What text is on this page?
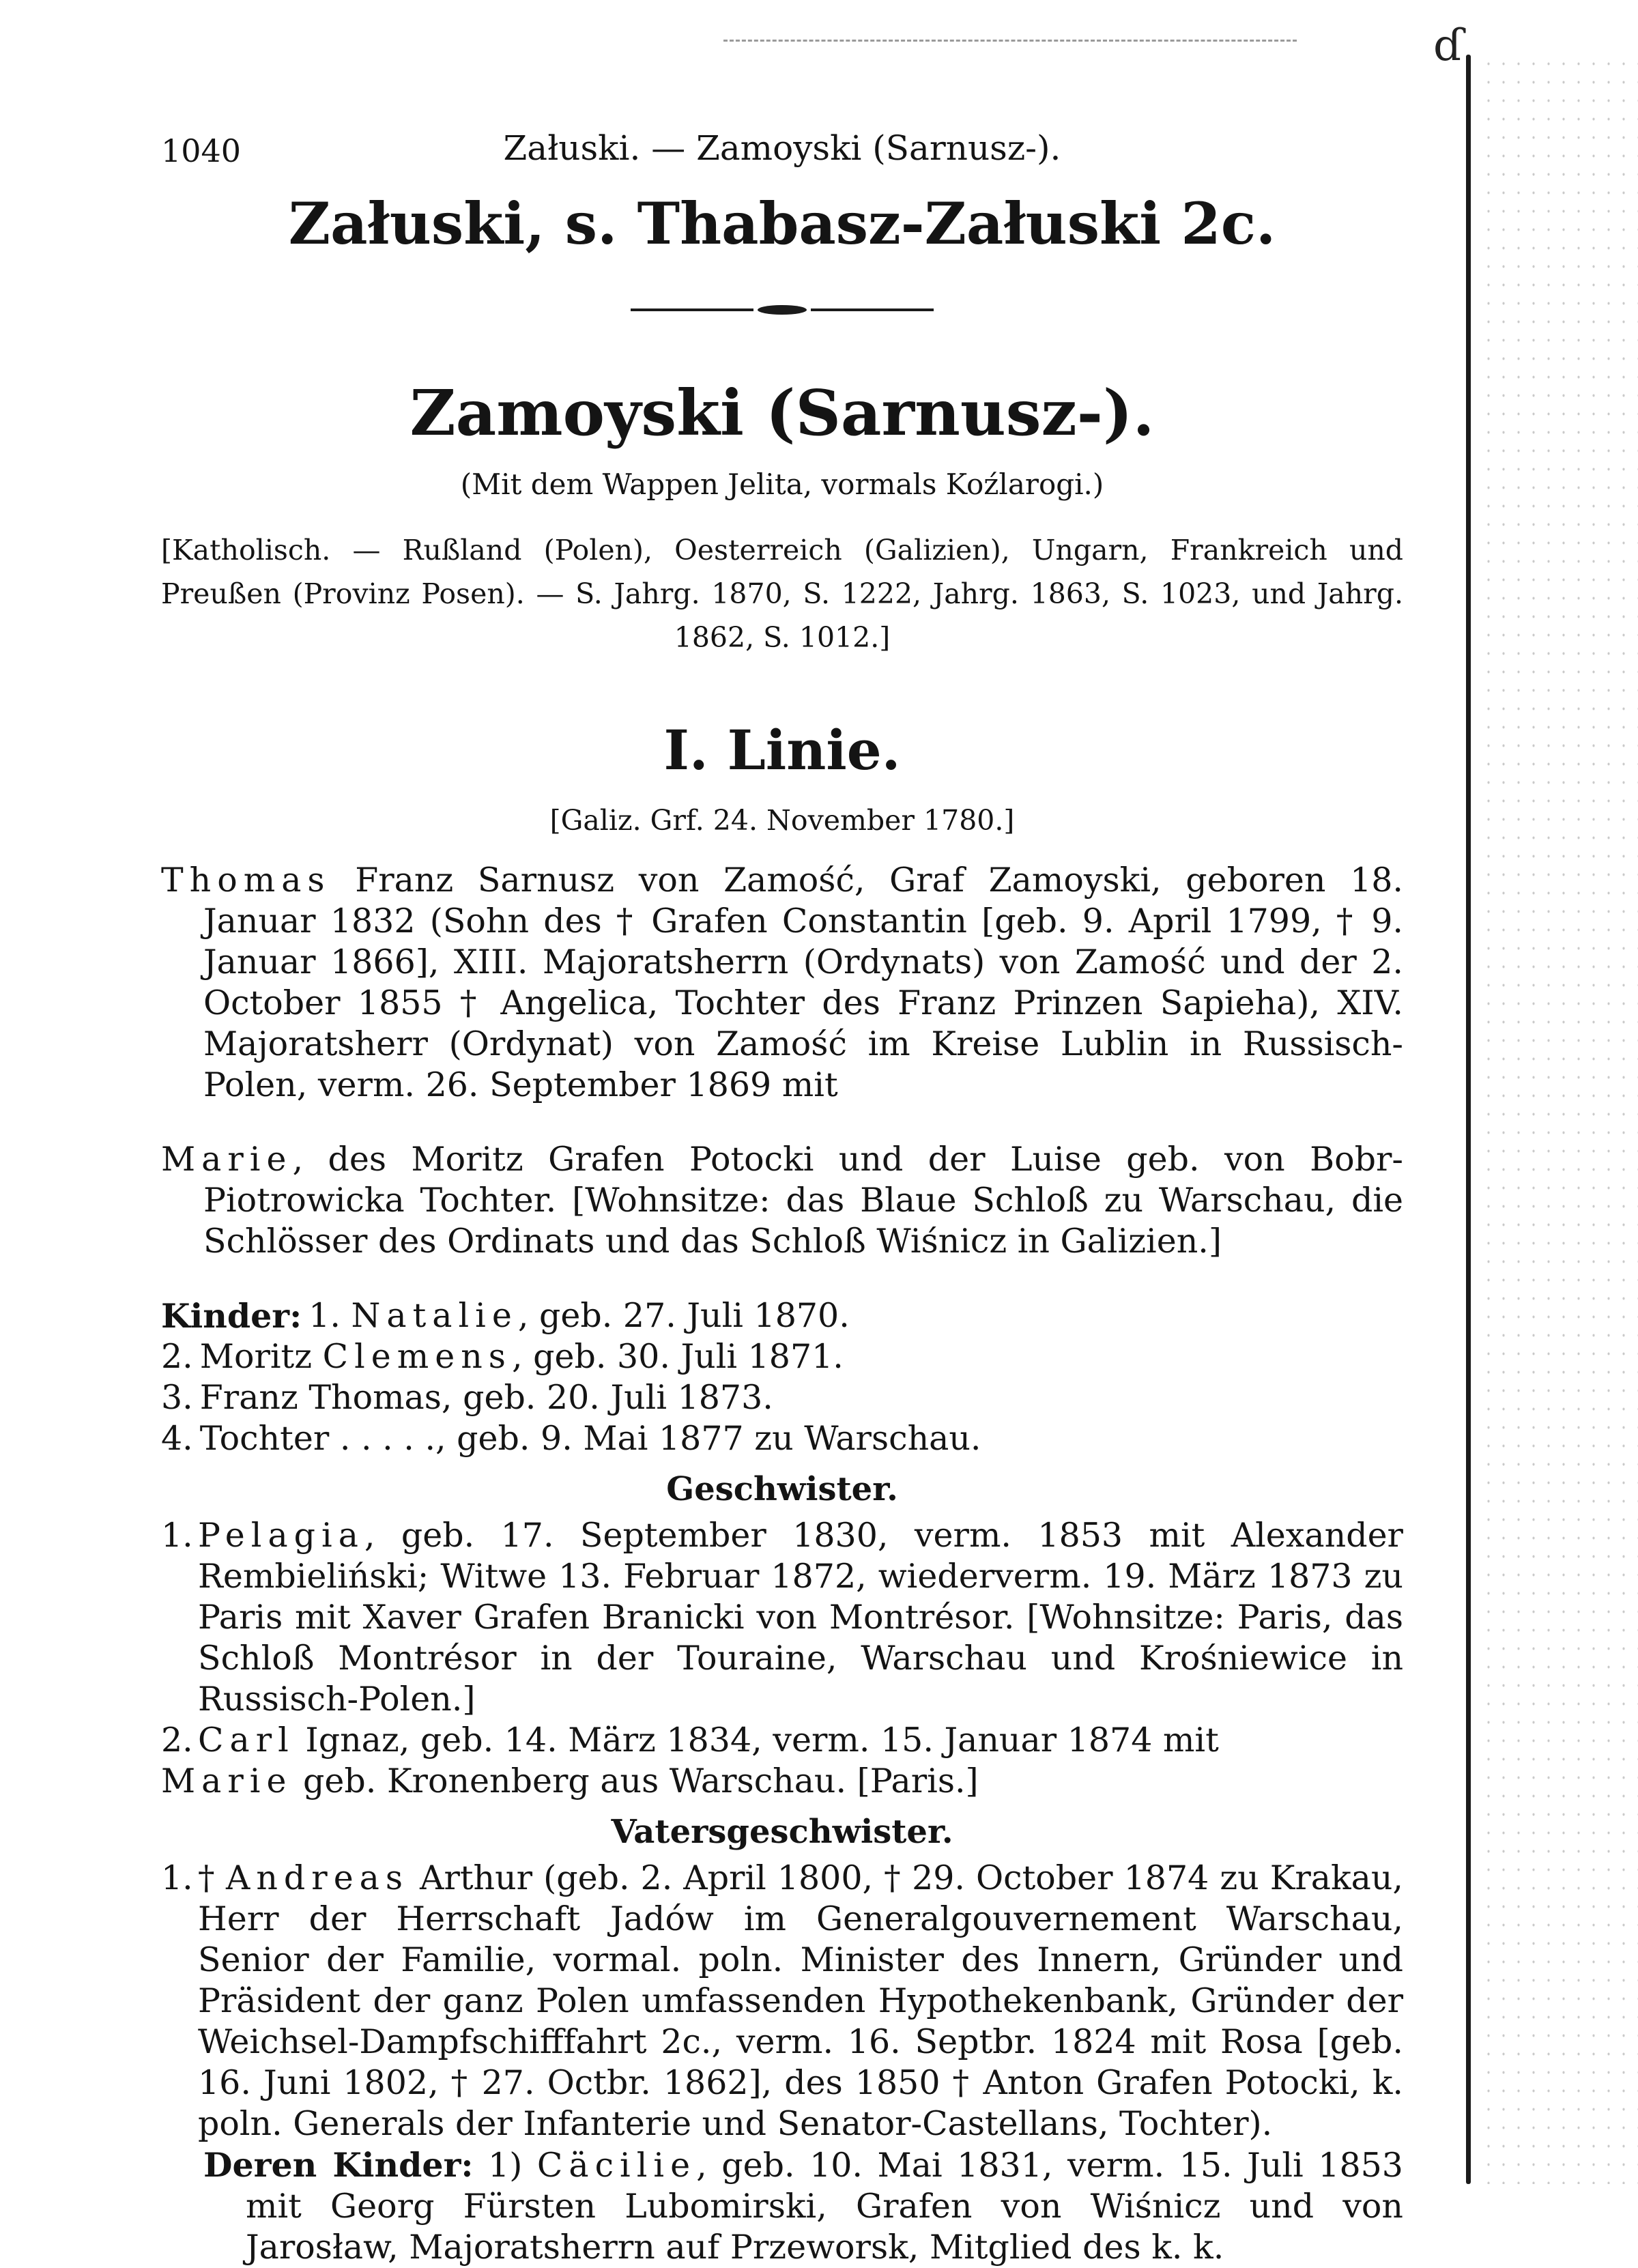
ɗ
1040	Załuski. — Zamoyski (Sarnusz-).
Załuski, s. Thabasz-Załuski 2c.
Zamoyski (Sarnusz-).
(Mit dem Wappen Jelita, vormals Koźlarogi.)
[Katholisch. — Rußland (Polen), Oesterreich (Galizien), Ungarn, Frankreich und Preußen (Provinz Posen). — S. Jahrg. 1870, S. 1222, Jahrg. 1863, S. 1023, und Jahrg. 1862, S. 1012.]
I. Linie.
[Galiz. Grf. 24. November 1780.]

Thomas Franz Sarnusz von Zamość, Graf Zamoyski, geboren 18. Januar 1832 (Sohn des † Grafen Constantin [geb. 9. April 1799, † 9. Januar 1866], XIII. Majoratsherrn (Ordynats) von Zamość und der 2. October 1855 † Angelica, Tochter des Franz Prinzen Sapieha), XIV. Majoratsherr (Ordynat) von Zamość im Kreise Lublin in Russisch-Polen, verm. 26. September 1869 mit

Marie, des Moritz Grafen Potocki und der Luise geb. von Bobr-Piotrowicka Tochter. [Wohnsitze: das Blaue Schloß zu Warschau, die Schlösser des Ordinats und das Schloß Wiśnicz in Galizien.]

Kinder: 1. Natalie, geb. 27. Juli 1870.
2. Moritz Clemens, geb. 30. Juli 1871.
3. Franz Thomas, geb. 20. Juli 1873.
4. Tochter . . . . ., geb. 9. Mai 1877 zu Warschau.
Geschwister.
1. Pelagia, geb. 17. September 1830, verm. 1853 mit Alexander Rembieliński; Witwe 13. Februar 1872, wiederverm. 19. März 1873 zu Paris mit Xaver Grafen Branicki von Montrésor. [Wohnsitze: Paris, das Schloß Montrésor in der Touraine, Warschau und Krośniewice in Russisch-Polen.]
2. Carl Ignaz, geb. 14. März 1834, verm. 15. Januar 1874 mit
Marie geb. Kronenberg aus Warschau. [Paris.]
Vatersgeschwister.
1. † Andreas Arthur (geb. 2. April 1800, † 29. October 1874 zu Krakau, Herr der Herrschaft Jadów im Generalgouvernement Warschau, Senior der Familie, vormal. poln. Minister des Innern, Gründer und Präsident der ganz Polen umfassenden Hypothekenbank, Gründer der Weichsel-Dampfschifffahrt 2c., verm. 16. Septbr. 1824 mit Rosa [geb. 16. Juni 1802, † 27. Octbr. 1862], des 1850 † Anton Grafen Potocki, k. poln. Generals der Infanterie und Senator-Castellans, Tochter).

Deren Kinder: 1) Cäcilie, geb. 10. Mai 1831, verm. 15. Juli 1853 mit Georg Fürsten Lubomirski, Grafen von Wiśnicz und von Jarosław, Majoratsherrn auf Przeworsk, Mitglied des k. k.
